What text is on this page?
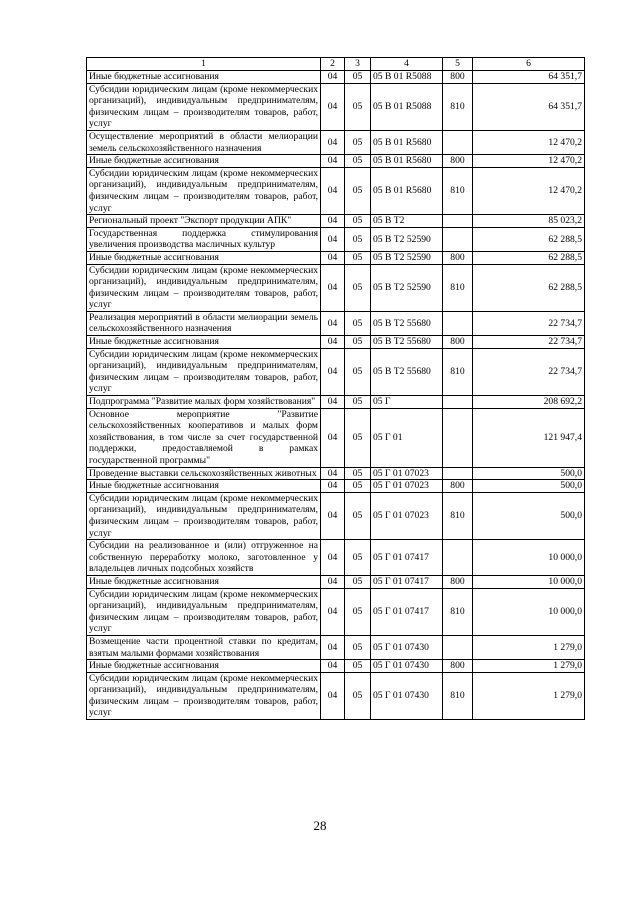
1	2	3	4	5	6
Иные бюджетные ассигнования	04	05	05 В 01 R5088	800	64 351,7
Субсидии юридическим лицам (кроме некоммерческих организаций), индивидуальным предпринимателям, физическим лицам – производителям товаров, работ, услуг	04	05	05 В 01 R5088	810	64 351,7
Осуществление мероприятий в области мелиорации земель сельскохозяйственного назначения	04	05	05 В 01 R5680		12 470,2
Иные бюджетные ассигнования	04	05	05 В 01 R5680	800	12 470,2
Субсидии юридическим лицам (кроме некоммерческих организаций), индивидуальным предпринимателям, физическим лицам – производителям товаров, работ, услуг	04	05	05 В 01 R5680	810	12 470,2
Региональный проект "Экспорт продукции АПК"	04	05	05 В Т2		85 023,2
Государственная поддержка стимулирования увеличения производства масличных культур	04	05	05 В Т2 52590		62 288,5
Иные бюджетные ассигнования	04	05	05 В Т2 52590	800	62 288,5
Субсидии юридическим лицам (кроме некоммерческих организаций), индивидуальным предпринимателям, физическим лицам – производителям товаров, работ, услуг	04	05	05 В Т2 52590	810	62 288,5
Реализация мероприятий в области мелиорации земель сельскохозяйственного назначения	04	05	05 В Т2 55680		22 734,7
Иные бюджетные ассигнования	04	05	05 В Т2 55680	800	22 734,7
Субсидии юридическим лицам (кроме некоммерческих организаций), индивидуальным предпринимателям, физическим лицам – производителям товаров, работ, услуг	04	05	05 В Т2 55680	810	22 734,7
Подпрограмма "Развитие малых форм хозяйствования"	04	05	05 Г		208 692,2
Основное мероприятие "Развитие сельскохозяйственных кооперативов и малых форм хозяйствования, в том числе за счет государственной поддержки, предоставляемой в рамках государственной программы"	04	05	05 Г 01		121 947,4
Проведение выставки сельскохозяйственных животных	04	05	05 Г 01 07023		500,0
Иные бюджетные ассигнования	04	05	05 Г 01 07023	800	500,0
Субсидии юридическим лицам (кроме некоммерческих организаций), индивидуальным предпринимателям, физическим лицам – производителям товаров, работ, услуг	04	05	05 Г 01 07023	810	500,0
Субсидии на реализованное и (или) отгруженное на собственную переработку молоко, заготовленное у владельцев личных подсобных хозяйств	04	05	05 Г 01 07417		10 000,0
Иные бюджетные ассигнования	04	05	05 Г 01 07417	800	10 000,0
Субсидии юридическим лицам (кроме некоммерческих организаций), индивидуальным предпринимателям, физическим лицам – производителям товаров, работ, услуг	04	05	05 Г 01 07417	810	10 000,0
Возмещение части процентной ставки по кредитам, взятым малыми формами хозяйствования	04	05	05 Г 01 07430		1 279,0
Иные бюджетные ассигнования	04	05	05 Г 01 07430	800	1 279,0
Субсидии юридическим лицам (кроме некоммерческих организаций), индивидуальным предпринимателям, физическим лицам – производителям товаров, работ, услуг	04	05	05 Г 01 07430	810	1 279,0
28
